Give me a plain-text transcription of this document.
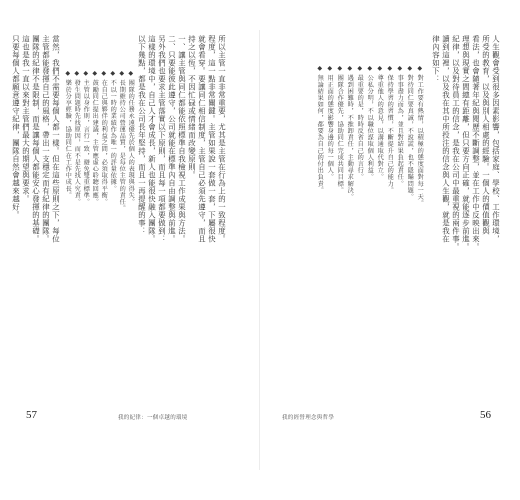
所以主管一直非常重要，尤其是主管在行為上的一致程度。
程度，這一點非常關鍵。主管如果說一套做一套，下屬很快
就會看穿。要讓同仁相信制度，主管自己必須先遵守，而且
持之以恆，不因忙碌或情緒而改變原則。
一、讓主管與同仁都能依照標準自我檢視工作成果與方法。
二、只要能彼此遵守，公司就能在標準內自由調整與前進。
另外我們也要求主管落實以下原則，而且每一項都要做到：
這樣的環境中，自己人才會成長，新人也能很快融入團隊。
以下幾點，都是我在公司長年堅持，而且一再提醒的事：
◆ 團隊的任務永遠優先於個人的表現與得失。
◆ 長期維持公司營運品質，是每位主管的責任。
◆ 不以一時的業績作為唯一的評量依據。
◆ 在自己與夥伴的利益之間，必須取得平衡。
◆ 鼓勵同仁提出建議，主管應虛心聆聽回應。
◆ 主管以身作則，言行一致，避免雙重標準。
◆ 發生問題時先找原因，而不是先找人究責。
◆ 樂於分享經驗，協助同仁在工作中成長。
當然，我們不需要每個人都一樣。但在這些原則之下，每位
主管都能發揮自己的風格，帶出一支穩定而有紀律的團隊。
團隊的紀律不是限制，而是讓每個人都能安心發揮的基礎。
這也是我一直以來對主管們最大的期望與要求。
只要每個人都願意遵守紀律，團隊自然會越來越好。
57	我的紀律：一個卓越的環境
人生觀會受到很多因素影響，包括家庭、學校、工作環境，
所受的教育，以及與別人相處的經驗。一個人的價值觀與
看法，也會隨著年紀與閱歷不斷調整，並在工作中反映出來。
理想與現實之間總有距離，但只要方向正確，就能逐步前進。
紀律，以及對待員工的信念，是我在公司中最重視的兩件事。
讀到這裡，以及我在其中所投注的信念與人生觀，就是我在
律內容如下：
◆ 對工作要有熱情，以積極的態度面對每一天。
◆ 對待同仁要真誠，不說謊，也不隱瞞問題。
◆ 事事盡力而為，並且對結果負起責任。
◆ 保持學習的習慣，不斷提升自己的能力。
◆ 尊重他人的意見，以溝通取代對立。
◆ 公私分明，不以職位謀取個人利益。
◆ 最重要的是，時時反省自己的言行。
◆ 遇到困難時，不推卸責任，主動尋求解決。
◆ 團隊合作優先，協助同仁完成共同目標。
◆ 用正面的態度影響身邊的每一個人。
◆ 無論結果如何，都要為自己的付出負責。
我的經營理念與哲學	56
